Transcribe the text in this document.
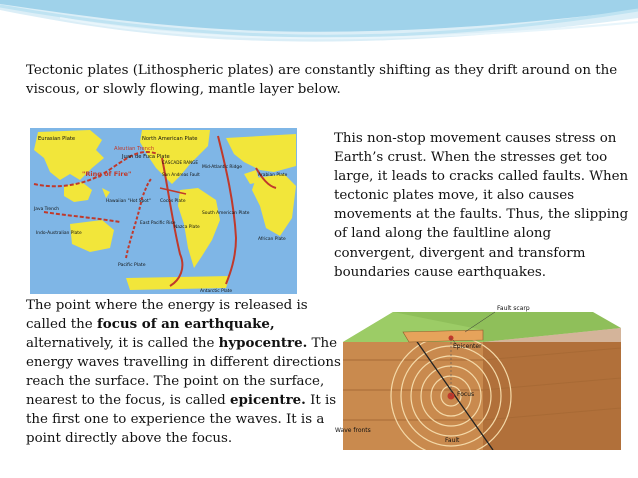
Tectonic plates (Lithospheric plates) are constantly shifting as they drift around on the viscous, or slowly flowing, mantle layer below.

Eurasian Plate	North American Plate
Aleutian Trench
Juan de Fuca Plate
CASCADE RANGE
San Andreas Fault
"Ring of Fire"
Hawaiian "Hot Spot"
Mid-Atlantic Ridge
Arabian Plate
African Plate
Java Trench
Indo-Australian Plate
East Pacific Rise
Cocos Plate
Nazca Plate
South American Plate
Pacific Plate
Antarctic Plate

This non-stop movement causes stress on Earth’s crust. When the stresses get too large, it leads to cracks called faults. When tectonic plates move, it also causes movements at the faults. Thus, the slipping of land along the faultline along convergent, divergent and transform boundaries cause earthquakes.

The point where the energy is released is called the focus of an earthquake, alternatively, it is called the hypocentre. The energy waves travelling in different directions reach the surface. The point on the surface, nearest to the focus, is called epicentre. It is the first one to experience the waves. It is a point directly above the focus.

Fault scarp
Epicenter
Focus
Wave fronts
Fault
